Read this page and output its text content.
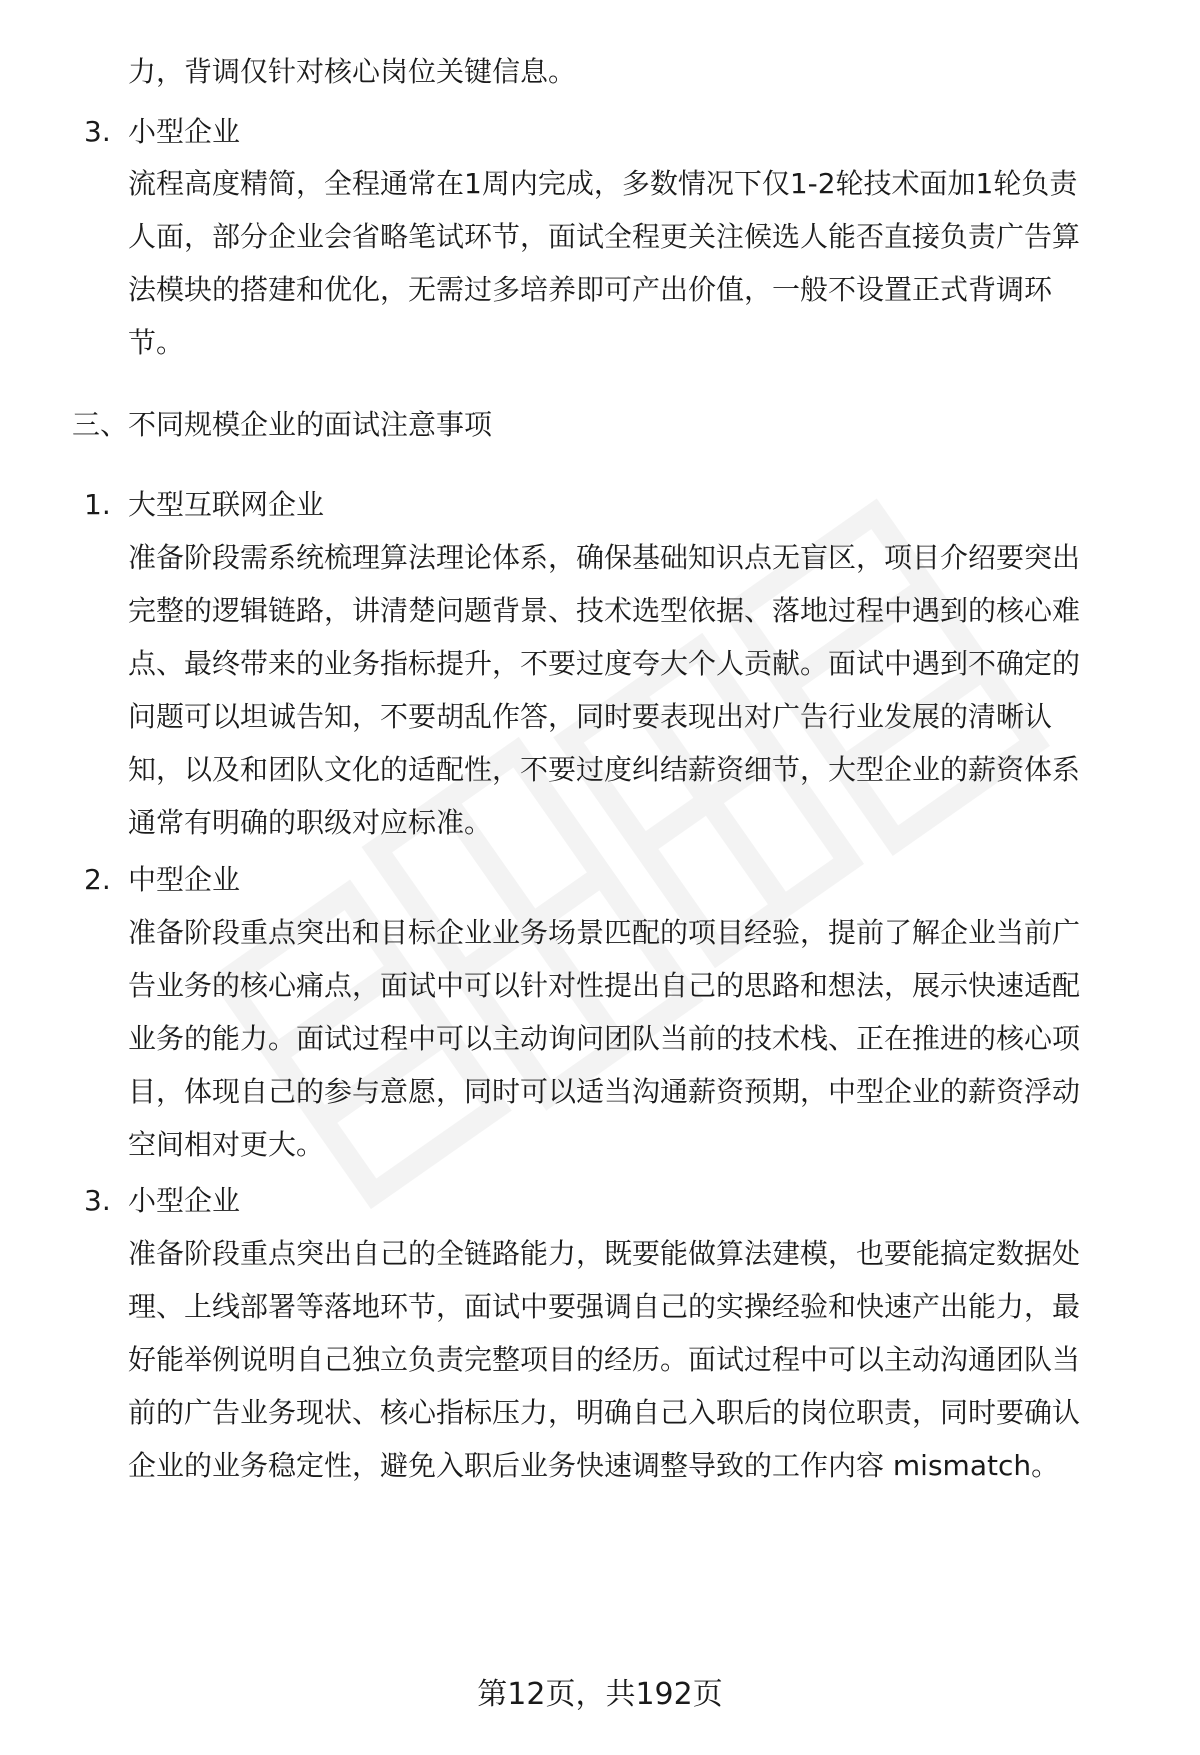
力，背调仅针对核心岗位关键信息。
3. 小型企业
流程高度精简，全程通常在1周内完成，多数情况下仅1-2轮技术面加1轮负责
人面，部分企业会省略笔试环节，面试全程更关注候选人能否直接负责广告算
法模块的搭建和优化，无需过多培养即可产出价值，一般不设置正式背调环
节。
三、不同规模企业的面试注意事项
1. 大型互联网企业
准备阶段需系统梳理算法理论体系，确保基础知识点无盲区，项目介绍要突出
完整的逻辑链路，讲清楚问题背景、技术选型依据、落地过程中遇到的核心难
点、最终带来的业务指标提升，不要过度夸大个人贡献。面试中遇到不确定的
问题可以坦诚告知，不要胡乱作答，同时要表现出对广告行业发展的清晰认
知，以及和团队文化的适配性，不要过度纠结薪资细节，大型企业的薪资体系
通常有明确的职级对应标准。
2. 中型企业
准备阶段重点突出和目标企业业务场景匹配的项目经验，提前了解企业当前广
告业务的核心痛点，面试中可以针对性提出自己的思路和想法，展示快速适配
业务的能力。面试过程中可以主动询问团队当前的技术栈、正在推进的核心项
目，体现自己的参与意愿，同时可以适当沟通薪资预期，中型企业的薪资浮动
空间相对更大。
3. 小型企业
准备阶段重点突出自己的全链路能力，既要能做算法建模，也要能搞定数据处
理、上线部署等落地环节，面试中要强调自己的实操经验和快速产出能力，最
好能举例说明自己独立负责完整项目的经历。面试过程中可以主动沟通团队当
前的广告业务现状、核心指标压力，明确自己入职后的岗位职责，同时要确认
企业的业务稳定性，避免入职后业务快速调整导致的工作内容 mismatch。
第12页，共192页
